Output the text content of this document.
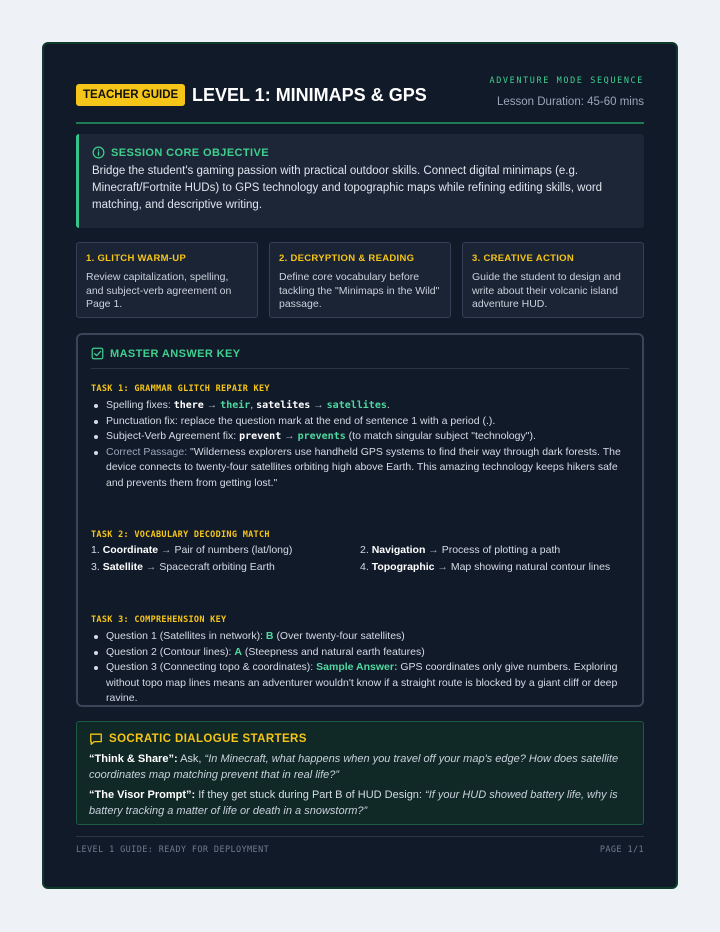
TEACHER GUIDE LEVEL 1: MINIMAPS & GPS
ADVENTURE MODE SEQUENCE
Lesson Duration: 45-60 mins
SESSION CORE OBJECTIVE

Bridge the student's gaming passion with practical outdoor skills. Connect digital minimaps (e.g. Minecraft/Fortnite HUDs) to GPS technology and topographic maps while refining editing skills, word matching, and descriptive writing.

1. GLITCH WARM-UP

Review capitalization, spelling, and subject-verb agreement on Page 1.

2. DECRYPTION & READING

Define core vocabulary before tackling the "Minimaps in the Wild" passage.

3. CREATIVE ACTION

Guide the student to design and write about their volcanic island adventure HUD.

MASTER ANSWER KEY
TASK 1: GRAMMAR GLITCH REPAIR KEY
Spelling fixes: there → their, satelites → satellites.
Punctuation fix: replace the question mark at the end of sentence 1 with a period (.).
Subject-Verb Agreement fix: prevent → prevents (to match singular subject "technology").
Correct Passage: "Wilderness explorers use handheld GPS systems to find their way through dark forests. The device connects to twenty-four satellites orbiting high above Earth. This amazing technology keeps hikers safe and prevents them from getting lost."
TASK 2: VOCABULARY DECODING MATCH
1. Coordinate → Pair of numbers (lat/long)	2. Navigation → Process of plotting a path
3. Satellite → Spacecraft orbiting Earth	4. Topographic → Map showing natural contour lines
TASK 3: COMPREHENSION KEY
Question 1 (Satellites in network): B (Over twenty-four satellites)
Question 2 (Contour lines): A (Steepness and natural earth features)
Question 3 (Connecting topo & coordinates): Sample Answer: GPS coordinates only give numbers. Exploring without topo map lines means an adventurer wouldn't know if a straight route is blocked by a giant cliff or deep ravine.
SOCRATIC DIALOGUE STARTERS

“Think & Share”: Ask, “In Minecraft, what happens when you travel off your map's edge? How does satellite coordinates map matching prevent that in real life?”

“The Visor Prompt”: If they get stuck during Part B of HUD Design: “If your HUD showed battery life, why is battery tracking a matter of life or death in a snowstorm?”

LEVEL 1 GUIDE: READY FOR DEPLOYMENT	PAGE 1/1
